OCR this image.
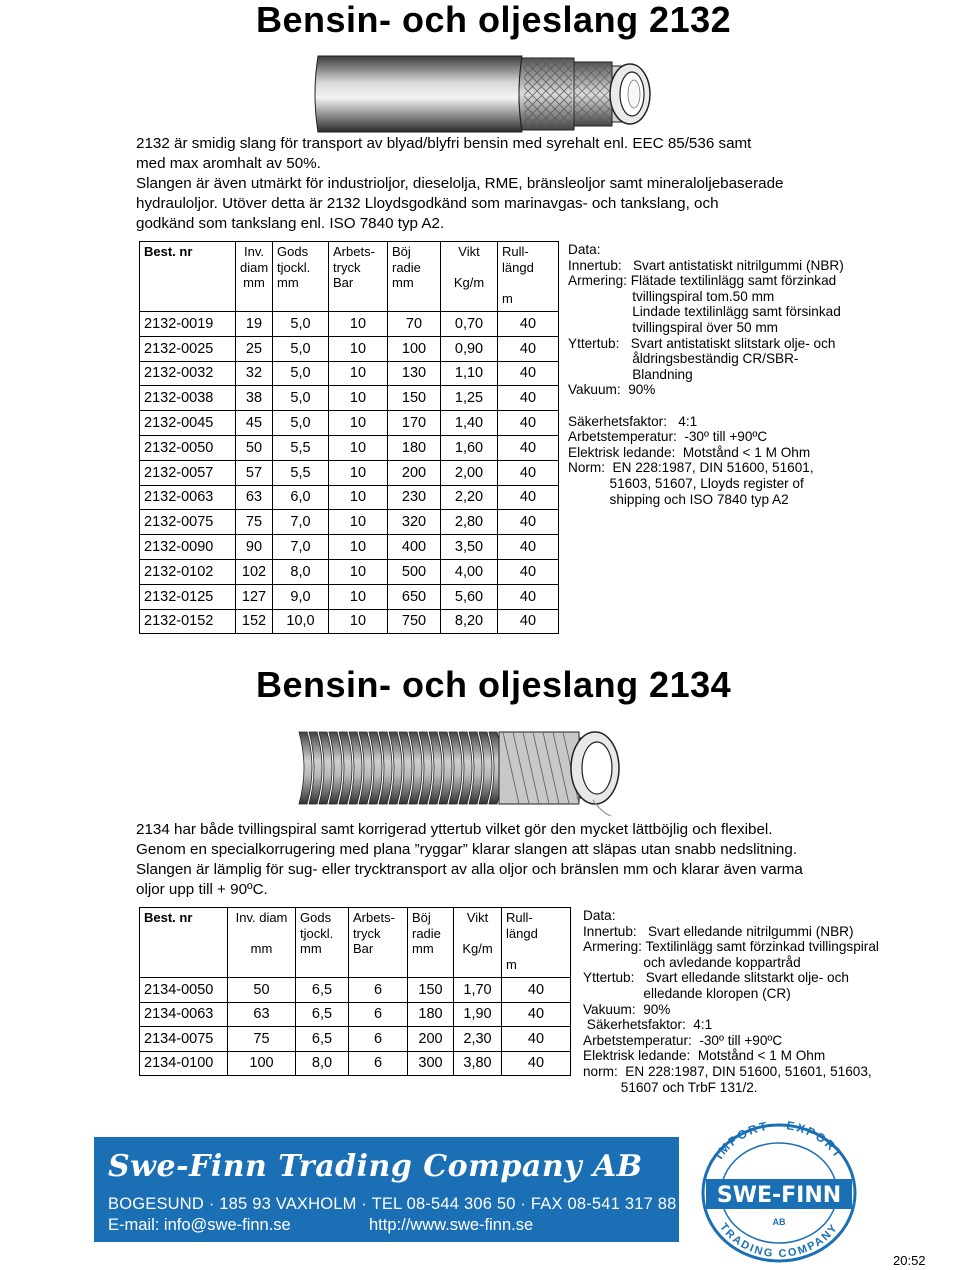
Bensin- och oljeslang 2132

2132 är smidig slang för transport av blyad/blyfri bensin med syrehalt enl. EEC 85/536 samt

med max aromhalt av 50%.

Slangen är även utmärkt för industrioljor, dieselolja, RME, bränsleoljor samt mineraloljebaserade

hydrauloljor. Utöver detta är 2132 Lloydsgodkänd som marinavgas- och tankslang, och

godkänd som tankslang enl. ISO 7840 typ A2.

Best. nr	Inv.
diam
mm	Gods
tjockl.
mm	Arbets-
tryck
Bar	Böj
radie
mm	Vikt
Kg/m	Rull-
längd
m

2132-0019	19	5,0	10	70	0,70	40
2132-0025	25	5,0	10	100	0,90	40
2132-0032	32	5,0	10	130	1,10	40
2132-0038	38	5,0	10	150	1,25	40
2132-0045	45	5,0	10	170	1,40	40
2132-0050	50	5,5	10	180	1,60	40
2132-0057	57	5,5	10	200	2,00	40
2132-0063	63	6,0	10	230	2,20	40
2132-0075	75	7,0	10	320	2,80	40
2132-0090	90	7,0	10	400	3,50	40
2132-0102	102	8,0	10	500	4,00	40
2132-0125	127	9,0	10	650	5,60	40
2132-0152	152	10,0	10	750	8,20	40
Data:
Innertub:   Svart antistatiskt nitrilgummi (NBR)
Armering: Flätade textilinlägg samt förzinkad
tvillingspiral tom.50 mm
Lindade textilinlägg samt försinkad
tvillingspiral över 50 mm
Yttertub:   Svart antistatiskt slitstark olje- och
åldringsbeständig CR/SBR-
Blandning
Vakuum:  90%
Säkerhetsfaktor:   4:1
Arbetstemperatur:  -30º till +90ºC
Elektrisk ledande:  Motstånd < 1 M Ohm
Norm:  EN 228:1987, DIN 51600, 51601,
51603, 51607, Lloyds register of
shipping och ISO 7840 typ A2
Bensin- och oljeslang 2134

2134 har både tvillingspiral samt korrigerad yttertub vilket gör den mycket lättböjlig och flexibel.

Genom en specialkorrugering med plana ”ryggar” klarar slangen att släpas utan snabb nedslitning.

Slangen är lämplig för sug- eller trycktransport av alla oljor och bränslen mm och klarar även varma

oljor upp till + 90ºC.

Best. nr	Inv. diam
mm	Gods
tjockl.
mm	Arbets-
tryck
Bar	Böj
radie
mm	Vikt
Kg/m	Rull-
längd
m

2134-0050	50	6,5	6	150	1,70	40
2134-0063	63	6,5	6	180	1,90	40
2134-0075	75	6,5	6	200	2,30	40
2134-0100	100	8,0	6	300	3,80	40
Data:
Innertub:   Svart elledande nitrilgummi (NBR)
Armering: Textilinlägg samt förzinkad tvillingspiral
och avledande koppartråd
Yttertub:   Svart elledande slitstarkt olje- och
elledande kloropen (CR)
Vakuum:  90%
Säkerhetsfaktor:  4:1
Arbetstemperatur:  -30º till +90ºC
Elektrisk ledande:  Motstånd < 1 M Ohm
norm:  EN 228:1987, DIN 51600, 51601, 51603,
51607 och TrbF 131/2.
Swe-Finn Trading Company AB
BOGESUND · 185 93 VAXHOLM · TEL 08-544 306 50 · FAX 08-541 317 88
E-mail: info@swe-finn.se	http://www.swe-finn.se
IMPORT · EXPORT
TRADING COMPANY
SWE-FINN
AB
20:52
